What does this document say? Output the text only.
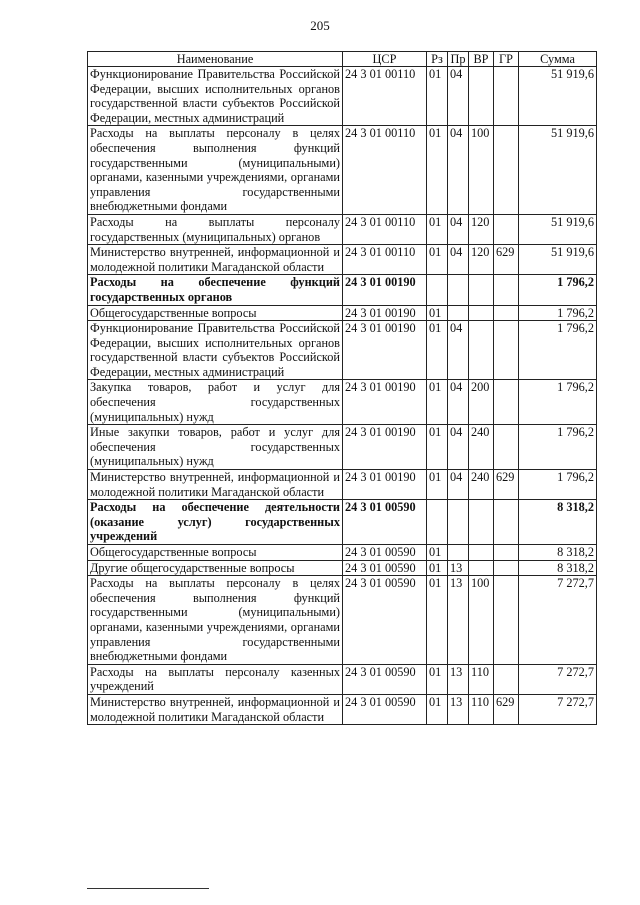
205
Наименование	ЦСР	Рз	Пр	ВР	ГР	Сумма
Функционирование Правительства Российской Федерации, высших исполнительных органов государственной власти субъектов Российской Федерации, местных администраций	24 3 01 00110	01	04			51 919,6
Расходы на выплаты персоналу в целях обеспечения выполнения функций государственными (муниципальными) органами, казенными учреждениями, органами управления государственными внебюджетными фондами	24 3 01 00110	01	04	100		51 919,6
Расходы на выплаты персоналу государственных (муниципальных) органов	24 3 01 00110	01	04	120		51 919,6
Министерство внутренней, информационной и молодежной политики Магаданской области	24 3 01 00110	01	04	120	629	51 919,6
Расходы на обеспечение функций государственных органов	24 3 01 00190					1 796,2
Общегосударственные вопросы	24 3 01 00190	01				1 796,2
Функционирование Правительства Российской Федерации, высших исполнительных органов государственной власти субъектов Российской Федерации, местных администраций	24 3 01 00190	01	04			1 796,2
Закупка товаров, работ и услуг для обеспечения государственных (муниципальных) нужд	24 3 01 00190	01	04	200		1 796,2
Иные закупки товаров, работ и услуг для обеспечения государственных (муниципальных) нужд	24 3 01 00190	01	04	240		1 796,2
Министерство внутренней, информационной и молодежной политики Магаданской области	24 3 01 00190	01	04	240	629	1 796,2
Расходы на обеспечение деятельности (оказание услуг) государственных учреждений	24 3 01 00590					8 318,2
Общегосударственные вопросы	24 3 01 00590	01				8 318,2
Другие общегосударственные вопросы	24 3 01 00590	01	13			8 318,2
Расходы на выплаты персоналу в целях обеспечения выполнения функций государственными (муниципальными) органами, казенными учреждениями, органами управления государственными внебюджетными фондами	24 3 01 00590	01	13	100		7 272,7
Расходы на выплаты персоналу казенных учреждений	24 3 01 00590	01	13	110		7 272,7
Министерство внутренней, информационной и молодежной политики Магаданской области	24 3 01 00590	01	13	110	629	7 272,7
